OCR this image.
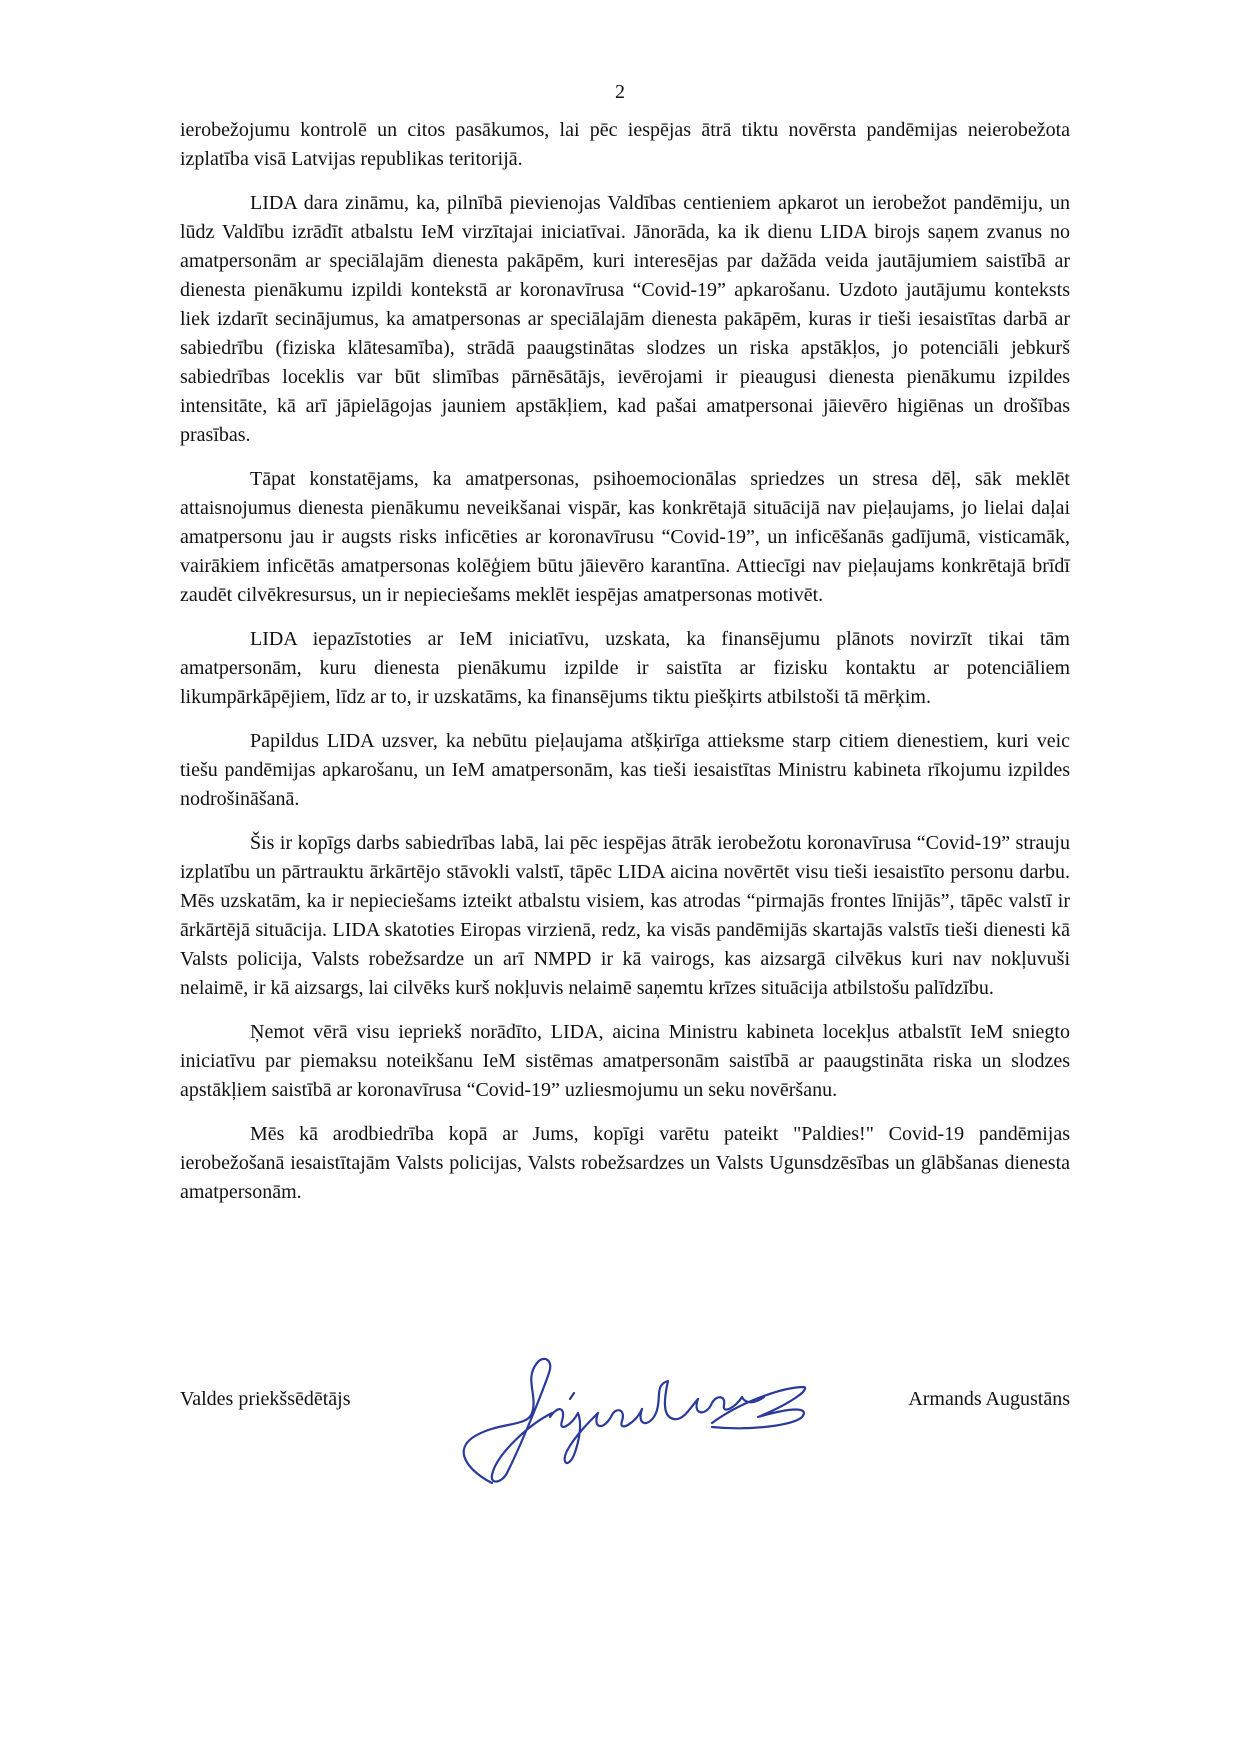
2

ierobežojumu kontrolē un citos pasākumos, lai pēc iespējas ātrā tiktu novērsta pandēmijas neierobežota izplatība visā Latvijas republikas teritorijā.

LIDA dara zināmu, ka, pilnībā pievienojas Valdības centieniem apkarot un ierobežot pandēmiju, un lūdz Valdību izrādīt atbalstu IeM virzītajai iniciatīvai. Jānorāda, ka ik dienu LIDA birojs saņem zvanus no amatpersonām ar speciālajām dienesta pakāpēm, kuri interesējas par dažāda veida jautājumiem saistībā ar dienesta pienākumu izpildi kontekstā ar koronavīrusa “Covid-19” apkarošanu. Uzdoto jautājumu konteksts liek izdarīt secinājumus, ka amatpersonas ar speciālajām dienesta pakāpēm, kuras ir tieši iesaistītas darbā ar sabiedrību (fiziska klātesamība), strādā paaugstinātas slodzes un riska apstākļos, jo potenciāli jebkurš sabiedrības loceklis var būt slimības pārnēsātājs, ievērojami ir pieaugusi dienesta pienākumu izpildes intensitāte, kā arī jāpielāgojas jauniem apstākļiem, kad pašai amatpersonai jāievēro higiēnas un drošības prasības.

Tāpat konstatējams, ka amatpersonas, psihoemocionālas spriedzes un stresa dēļ, sāk meklēt attaisnojumus dienesta pienākumu neveikšanai vispār, kas konkrētajā situācijā nav pieļaujams, jo lielai daļai amatpersonu jau ir augsts risks inficēties ar koronavīrusu “Covid-19”, un inficēšanās gadījumā, visticamāk, vairākiem inficētās amatpersonas kolēģiem būtu jāievēro karantīna. Attiecīgi nav pieļaujams konkrētajā brīdī zaudēt cilvēkresursus, un ir nepieciešams meklēt iespējas amatpersonas motivēt.

LIDA iepazīstoties ar IeM iniciatīvu, uzskata, ka finansējumu plānots novirzīt tikai tām amatpersonām, kuru dienesta pienākumu izpilde ir saistīta ar fizisku kontaktu ar potenciāliem likumpārkāpējiem, līdz ar to, ir uzskatāms, ka finansējums tiktu piešķirts atbilstoši tā mērķim.

Papildus LIDA uzsver, ka nebūtu pieļaujama atšķirīga attieksme starp citiem dienestiem, kuri veic tiešu pandēmijas apkarošanu, un IeM amatpersonām, kas tieši iesaistītas Ministru kabineta rīkojumu izpildes nodrošināšanā.

Šis ir kopīgs darbs sabiedrības labā, lai pēc iespējas ātrāk ierobežotu koronavīrusa “Covid-19” strauju izplatību un pārtrauktu ārkārtējo stāvokli valstī, tāpēc LIDA aicina novērtēt visu tieši iesaistīto personu darbu. Mēs uzskatām, ka ir nepieciešams izteikt atbalstu visiem, kas atrodas “pirmajās frontes līnijās”, tāpēc valstī ir ārkārtējā situācija. LIDA skatoties Eiropas virzienā, redz, ka visās pandēmijās skartajās valstīs tieši dienesti kā Valsts policija, Valsts robežsardze un arī NMPD ir kā vairogs, kas aizsargā cilvēkus kuri nav nokļuvuši nelaimē, ir kā aizsargs, lai cilvēks kurš nokļuvis nelaimē saņemtu krīzes situācija atbilstošu palīdzību.

Ņemot vērā visu iepriekš norādīto, LIDA, aicina Ministru kabineta locekļus atbalstīt IeM sniegto iniciatīvu par piemaksu noteikšanu IeM sistēmas amatpersonām saistībā ar paaugstināta riska un slodzes apstākļiem saistībā ar koronavīrusa “Covid-19” uzliesmojumu un seku novēršanu.

Mēs kā arodbiedrība kopā ar Jums, kopīgi varētu pateikt "Paldies!" Covid-19 pandēmijas ierobežošanā iesaistītajām Valsts policijas, Valsts robežsardzes un Valsts Ugunsdzēsības un glābšanas dienesta amatpersonām.

Valdes priekšsēdētājs	Armands Augustāns
